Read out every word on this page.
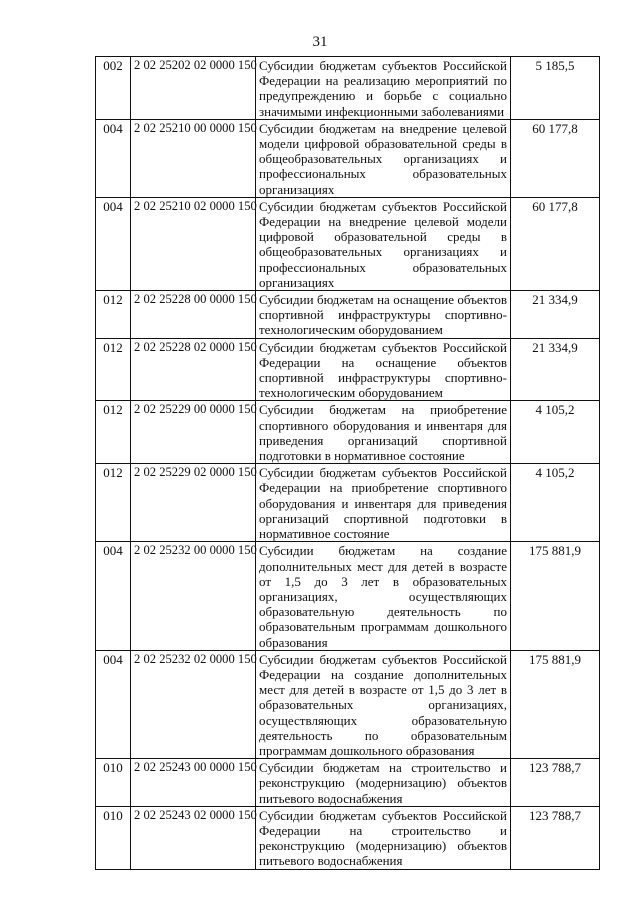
31
002	2 02 25202 02 0000 150	Субсидии бюджетам субъектов Российской Федерации на реализацию мероприятий по предупреждению и борьбе с социально значимыми инфекционными заболеваниями	5 185,5
004	2 02 25210 00 0000 150	Субсидии бюджетам на внедрение целевой модели цифровой образовательной среды в общеобразовательных организациях и профессиональных образовательных организациях	60 177,8
004	2 02 25210 02 0000 150	Субсидии бюджетам субъектов Российской Федерации на внедрение целевой модели цифровой образовательной среды в общеобразовательных организациях и профессиональных образовательных организациях	60 177,8
012	2 02 25228 00 0000 150	Субсидии бюджетам на оснащение объектов спортивной инфраструктуры спортивно-технологическим оборудованием	21 334,9
012	2 02 25228 02 0000 150	Субсидии бюджетам субъектов Российской Федерации на оснащение объектов спортивной инфраструктуры спортивно-технологическим оборудованием	21 334,9
012	2 02 25229 00 0000 150	Субсидии бюджетам на приобретение спортивного оборудования и инвентаря для приведения организаций спортивной подготовки в нормативное состояние	4 105,2
012	2 02 25229 02 0000 150	Субсидии бюджетам субъектов Российской Федерации на приобретение спортивного оборудования и инвентаря для приведения организаций спортивной подготовки в нормативное состояние	4 105,2
004	2 02 25232 00 0000 150	Субсидии бюджетам на создание дополнительных мест для детей в возрасте от 1,5 до 3 лет в образовательных организациях, осуществляющих образовательную деятельность по образовательным программам дошкольного образования	175 881,9
004	2 02 25232 02 0000 150	Субсидии бюджетам субъектов Российской Федерации на создание дополнительных мест для детей в возрасте от 1,5 до 3 лет в образовательных организациях, осуществляющих образовательную деятельность по образовательным программам дошкольного образования	175 881,9
010	2 02 25243 00 0000 150	Субсидии бюджетам на строительство и реконструкцию (модернизацию) объектов питьевого водоснабжения	123 788,7
010	2 02 25243 02 0000 150	Субсидии бюджетам субъектов Российской Федерации на строительство и реконструкцию (модернизацию) объектов питьевого водоснабжения	123 788,7
